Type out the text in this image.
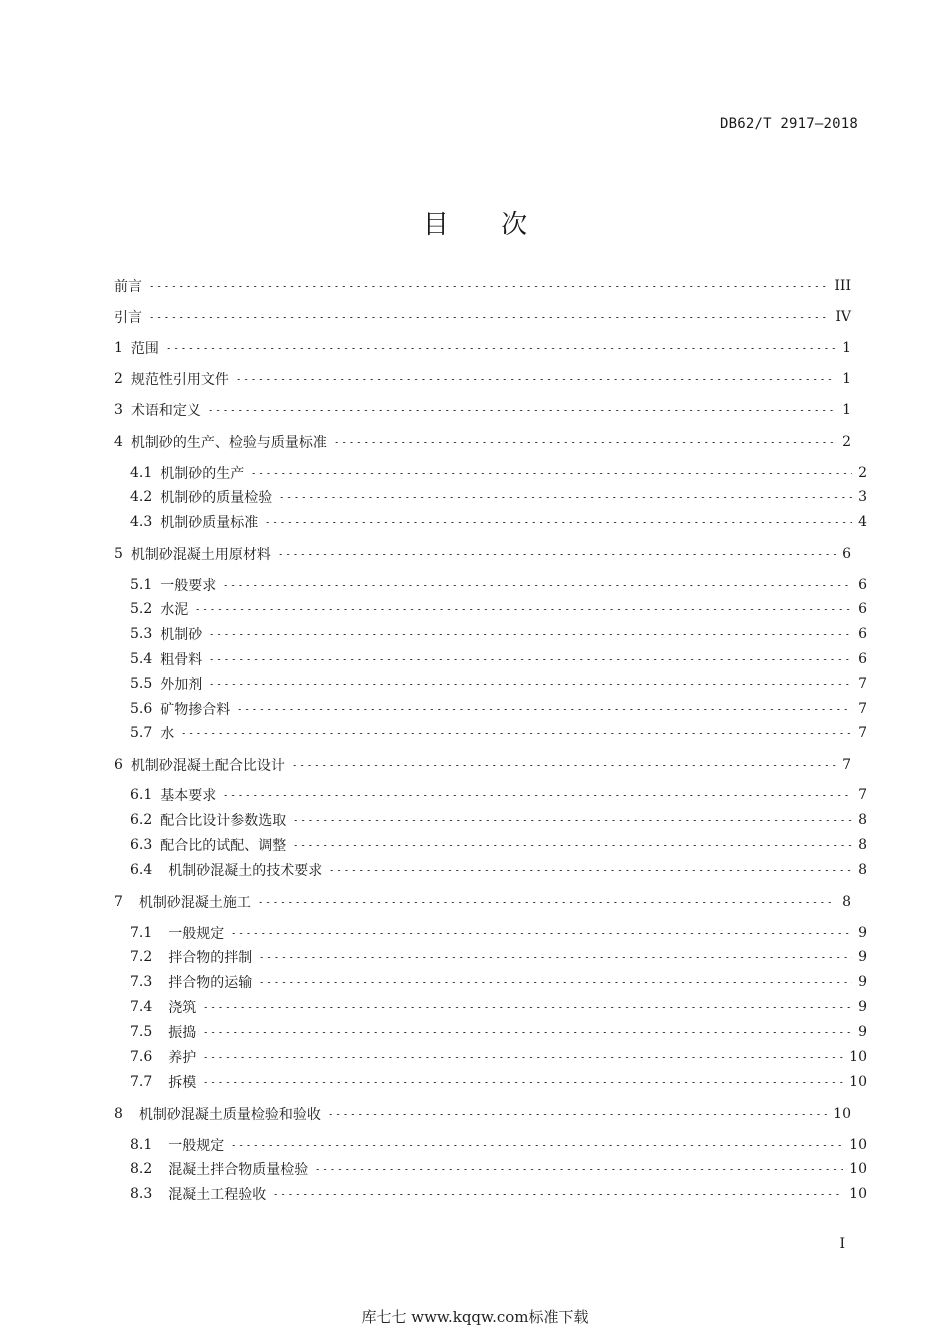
DB62/T 2917—2018
目 次
前言	III
引言	IV
1 范围	1
2 规范性引用文件	1
3 术语和定义	1
4 机制砂的生产、检验与质量标准	2
4.1 机制砂的生产	2
4.2 机制砂的质量检验	3
4.3 机制砂质量标准	4
5 机制砂混凝土用原材料	6
5.1 一般要求	6
5.2 水泥	6
5.3 机制砂	6
5.4 粗骨料	6
5.5 外加剂	7
5.6 矿物掺合料	7
5.7 水	7
6 机制砂混凝土配合比设计	7
6.1 基本要求	7
6.2 配合比设计参数选取	8
6.3 配合比的试配、调整	8
6.4 机制砂混凝土的技术要求	8
7 机制砂混凝土施工	8
7.1 一般规定	9
7.2 拌合物的拌制	9
7.3 拌合物的运输	9
7.4 浇筑	9
7.5 振捣	9
7.6 养护	10
7.7 拆模	10
8 机制砂混凝土质量检验和验收	10
8.1 一般规定	10
8.2 混凝土拌合物质量检验	10
8.3 混凝土工程验收	10
I
库七七 www.kqqw.com标准下载
